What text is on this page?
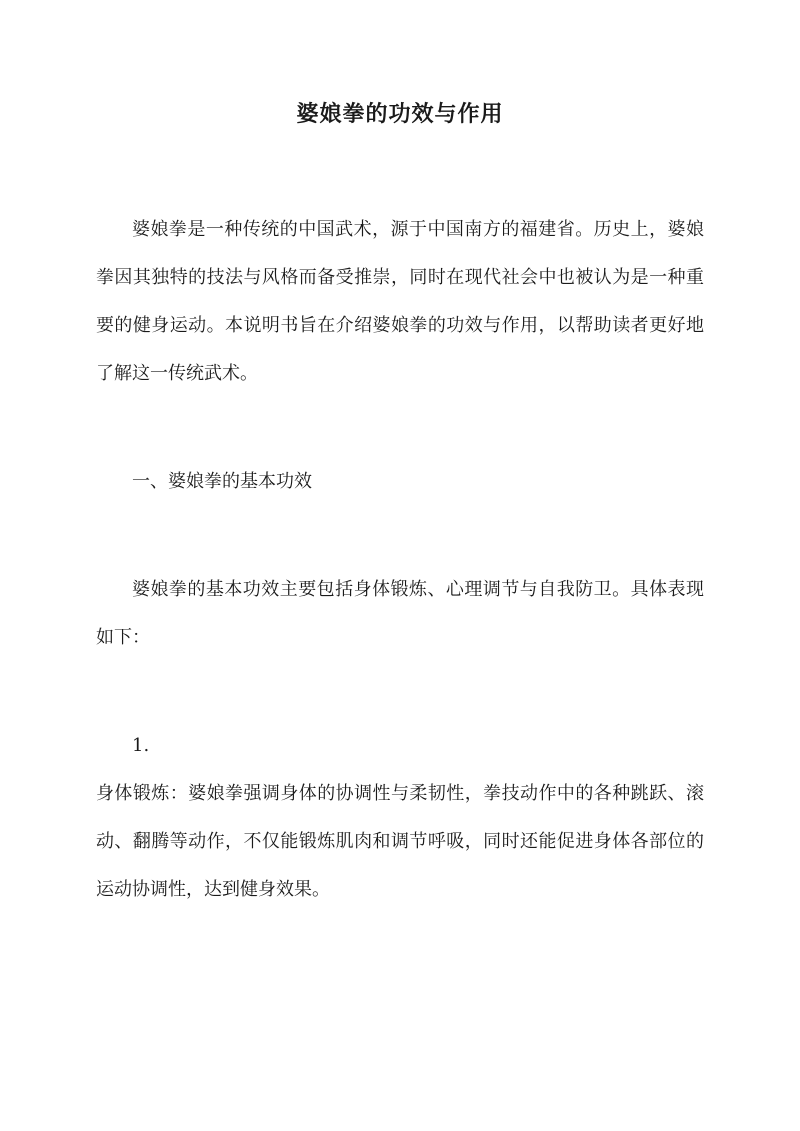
婆娘拳的功效与作用

婆娘拳是一种传统的中国武术，源于中国南方的福建省。历史上，婆娘拳因其独特的技法与风格而备受推崇，同时在现代社会中也被认为是一种重要的健身运动。本说明书旨在介绍婆娘拳的功效与作用，以帮助读者更好地了解这一传统武术。

一、婆娘拳的基本功效

婆娘拳的基本功效主要包括身体锻炼、心理调节与自我防卫。具体表现如下：

1.

身体锻炼：婆娘拳强调身体的协调性与柔韧性，拳技动作中的各种跳跃、滚动、翻腾等动作，不仅能锻炼肌肉和调节呼吸，同时还能促进身体各部位的运动协调性，达到健身效果。
